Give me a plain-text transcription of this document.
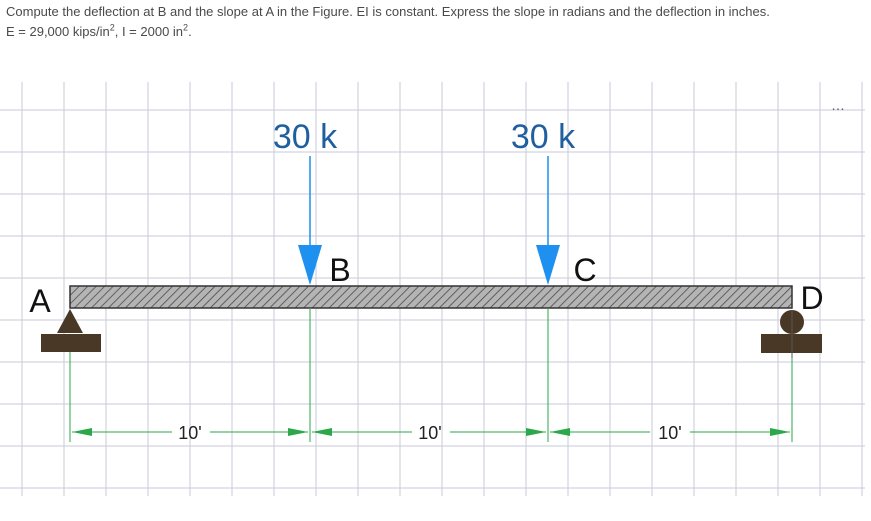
Compute the deflection at B and the slope at A in the Figure. EI is constant. Express the slope in radians and the deflection in inches.
E = 29,000 kips/$in^2$, I = 2000 $in^2$.
…
30 k	30 k
A
B	C
D
10'	10'	10'
